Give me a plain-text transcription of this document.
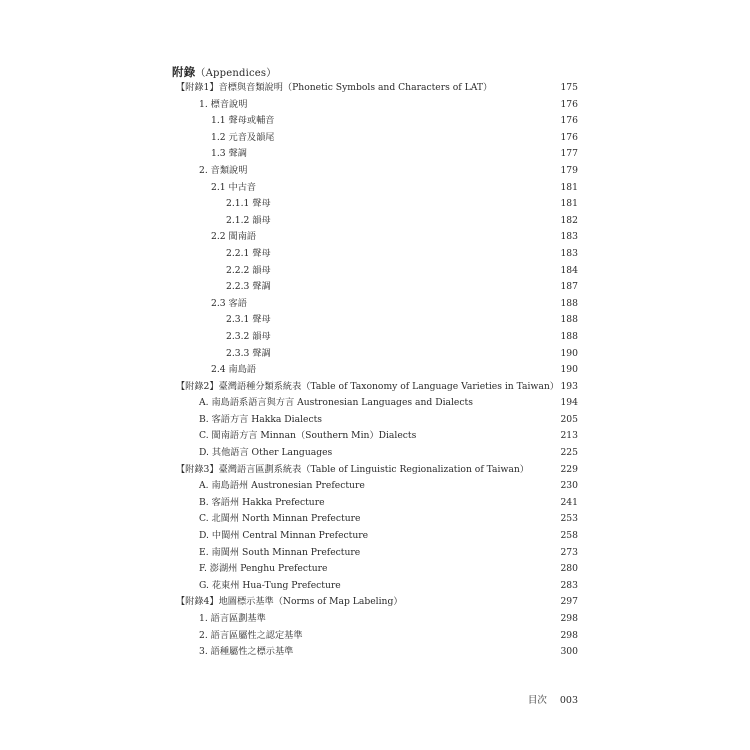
附錄（Appendices）
【附錄1】音標與音類說明（Phonetic Symbols and Characters of LAT）	175
1. 標音說明	176
1.1 聲母或輔音	176
1.2 元音及韻尾	176
1.3 聲調	177
2. 音類說明	179
2.1 中古音	181
2.1.1 聲母	181
2.1.2 韻母	182
2.2 閩南語	183
2.2.1 聲母	183
2.2.2 韻母	184
2.2.3 聲調	187
2.3 客語	188
2.3.1 聲母	188
2.3.2 韻母	188
2.3.3 聲調	190
2.4 南島語	190
【附錄2】臺灣語種分類系統表（Table of Taxonomy of Language Varieties in Taiwan） 193
A. 南島語系語言與方言 Austronesian Languages and Dialects	194
B. 客語方言 Hakka Dialects	205
C. 閩南語方言 Minnan（Southern Min）Dialects	213
D. 其他語言 Other Languages	225
【附錄3】臺灣語言區劃系統表（Table of Linguistic Regionalization of Taiwan）	229
A. 南島語州 Austronesian Prefecture	230
B. 客語州 Hakka Prefecture	241
C. 北閩州 North Minnan Prefecture	253
D. 中閩州 Central Minnan Prefecture	258
E. 南閩州 South Minnan Prefecture	273
F. 澎湖州 Penghu Prefecture	280
G. 花東州 Hua-Tung Prefecture	283
【附錄4】地圖標示基準（Norms of Map Labeling）	297
1. 語言區劃基準	298
2. 語言區屬性之認定基準	298
3. 語種屬性之標示基準	300
目次 003
